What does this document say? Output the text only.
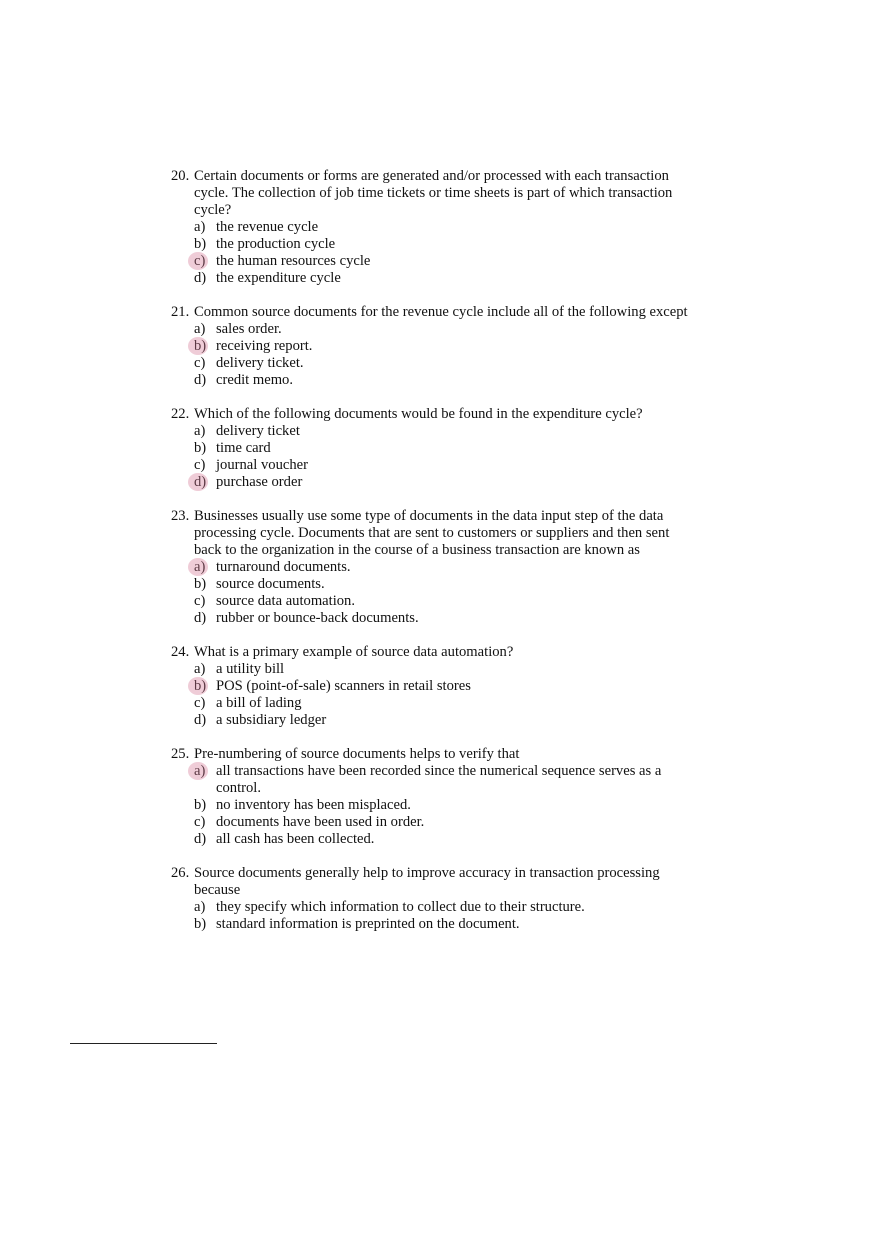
20. Certain documents or forms are generated and/or processed with each transaction
cycle. The collection of job time tickets or time sheets is part of which transaction
cycle?
a) the revenue cycle
b) the production cycle
c) the human resources cycle
d) the expenditure cycle
21. Common source documents for the revenue cycle include all of the following except
a) sales order.
b) receiving report.
c) delivery ticket.
d) credit memo.
22. Which of the following documents would be found in the expenditure cycle?
a) delivery ticket
b) time card
c) journal voucher
d) purchase order
23. Businesses usually use some type of documents in the data input step of the data
processing cycle. Documents that are sent to customers or suppliers and then sent
back to the organization in the course of a business transaction are known as
a) turnaround documents.
b) source documents.
c) source data automation.
d) rubber or bounce-back documents.
24. What is a primary example of source data automation?
a) a utility bill
b) POS (point-of-sale) scanners in retail stores
c) a bill of lading
d) a subsidiary ledger
25. Pre-numbering of source documents helps to verify that
a) all transactions have been recorded since the numerical sequence serves as a
control.
b) no inventory has been misplaced.
c) documents have been used in order.
d) all cash has been collected.
26. Source documents generally help to improve accuracy in transaction processing
because
a) they specify which information to collect due to their structure.
b) standard information is preprinted on the document.
